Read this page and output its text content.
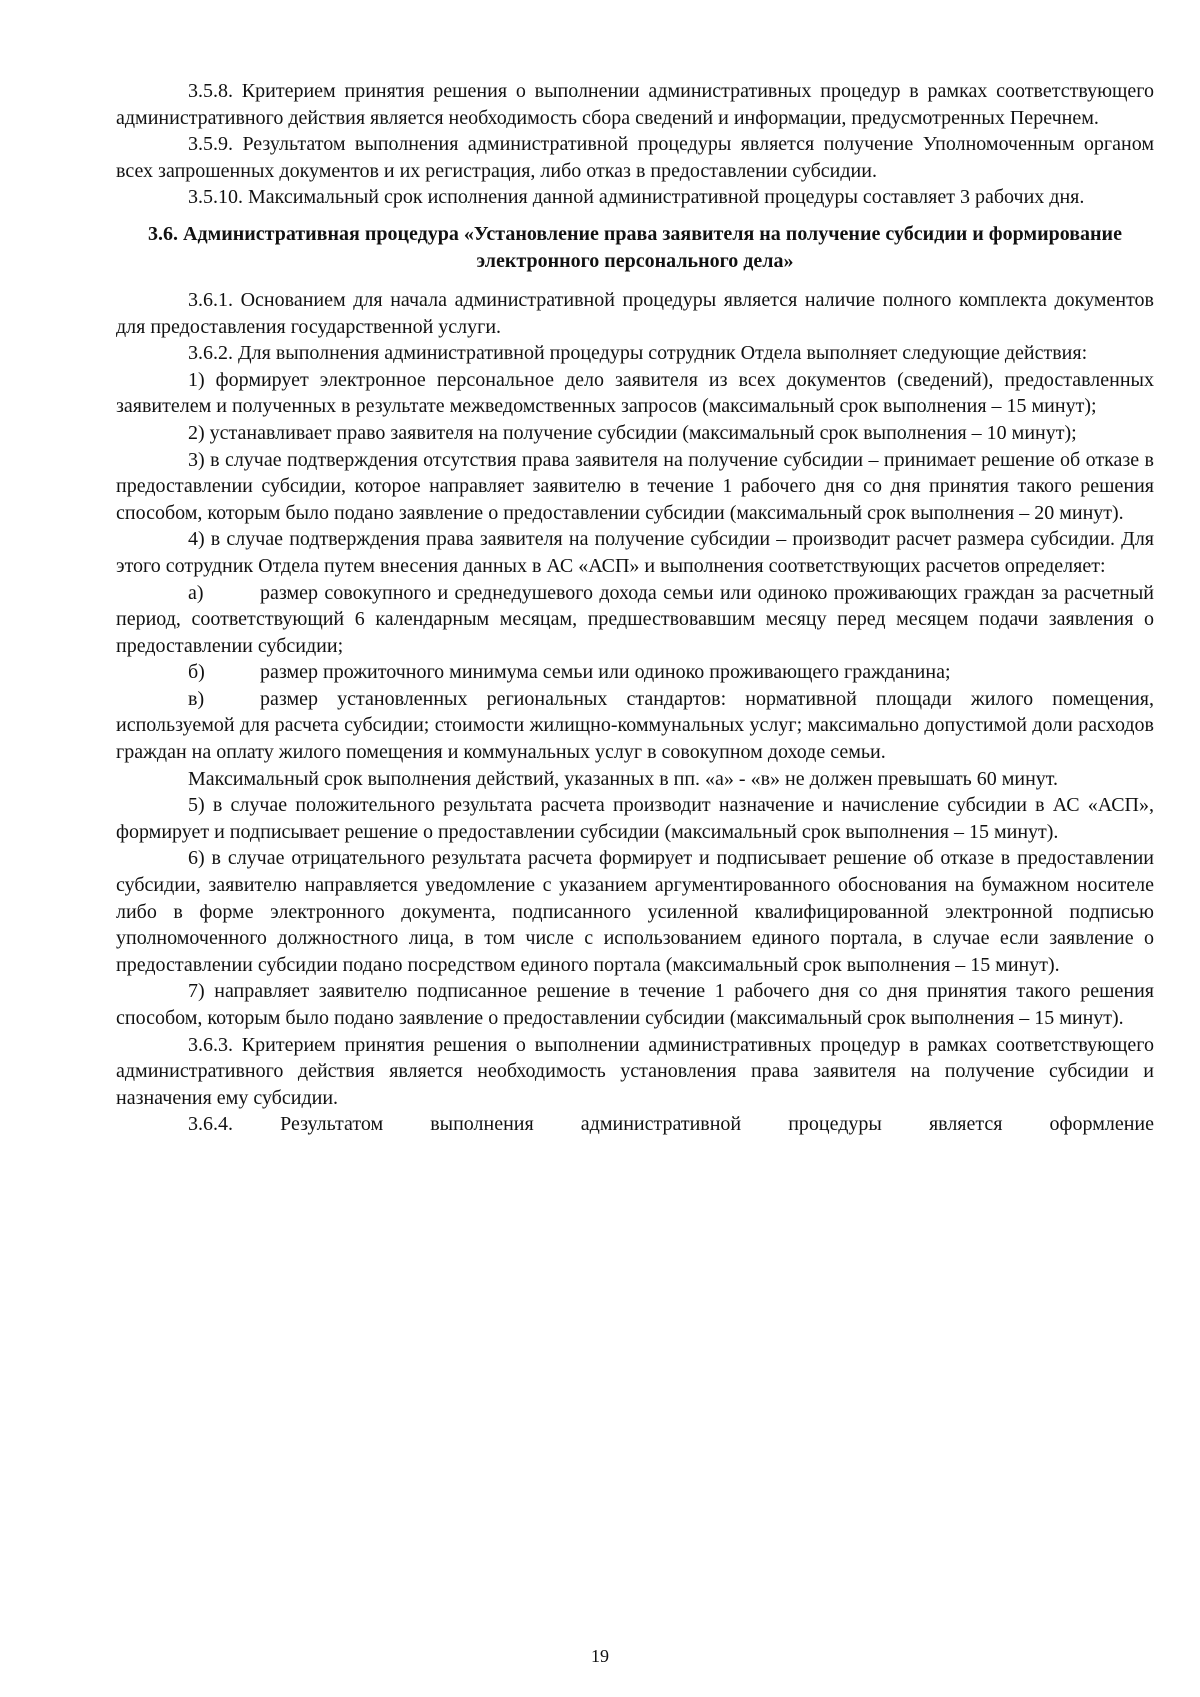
3.5.8. Критерием принятия решения о выполнении административных процедур в рамках соответствующего административного действия является необходимость сбора сведений и информации, предусмотренных Перечнем.

3.5.9. Результатом выполнения административной процедуры является получение Уполномоченным органом всех запрошенных документов и их регистрация, либо отказ в предоставлении субсидии.

3.5.10. Максимальный срок исполнения данной административной процедуры составляет 3 рабочих дня.

3.6. Административная процедура «Установление права заявителя на получение субсидии и формирование электронного персонального дела»

3.6.1. Основанием для начала административной процедуры является наличие полного комплекта документов для предоставления государственной услуги.

3.6.2. Для выполнения административной процедуры сотрудник Отдела выполняет следующие действия:

1) формирует электронное персональное дело заявителя из всех документов (сведений), предоставленных заявителем и полученных в результате межведомственных запросов (максимальный срок выполнения – 15 минут);

2) устанавливает право заявителя на получение субсидии (максимальный срок выполнения – 10 минут);

3) в случае подтверждения отсутствия права заявителя на получение субсидии – принимает решение об отказе в предоставлении субсидии, которое направляет заявителю в течение 1 рабочего дня со дня принятия такого решения способом, которым было подано заявление о предоставлении субсидии (максимальный срок выполнения – 20 минут).

4) в случае подтверждения права заявителя на получение субсидии – производит расчет размера субсидии. Для этого сотрудник Отдела путем внесения данных в АС «АСП» и выполнения соответствующих расчетов определяет:

а)	размер совокупного и среднедушевого дохода семьи или одиноко проживающих граждан за расчетный период, соответствующий 6 календарным месяцам, предшествовавшим месяцу перед месяцем подачи заявления о предоставлении субсидии;

б)	размер прожиточного минимума семьи или одиноко проживающего гражданина;

в)	размер установленных региональных стандартов: нормативной площади жилого помещения, используемой для расчета субсидии; стоимости жилищно-коммунальных услуг; максимально допустимой доли расходов граждан на оплату жилого помещения и коммунальных услуг в совокупном доходе семьи.

Максимальный срок выполнения действий, указанных в пп. «а» - «в» не должен превышать 60 минут.

5) в случае положительного результата расчета производит назначение и начисление субсидии в АС «АСП», формирует и подписывает решение о предоставлении субсидии (максимальный срок выполнения – 15 минут).

6) в случае отрицательного результата расчета формирует и подписывает решение об отказе в предоставлении субсидии, заявителю направляется уведомление с указанием аргументированного обоснования на бумажном носителе либо в форме электронного документа, подписанного усиленной квалифицированной электронной подписью уполномоченного должностного лица, в том числе с использованием единого портала, в случае если заявление о предоставлении субсидии подано посредством единого портала (максимальный срок выполнения – 15 минут).

7) направляет заявителю подписанное решение в течение 1 рабочего дня со дня принятия такого решения способом, которым было подано заявление о предоставлении субсидии (максимальный срок выполнения – 15 минут).

3.6.3. Критерием принятия решения о выполнении административных процедур в рамках соответствующего административного действия является необходимость установления права заявителя на получение субсидии и назначения ему субсидии.

3.6.4. Результатом выполнения административной процедуры является оформление

19
